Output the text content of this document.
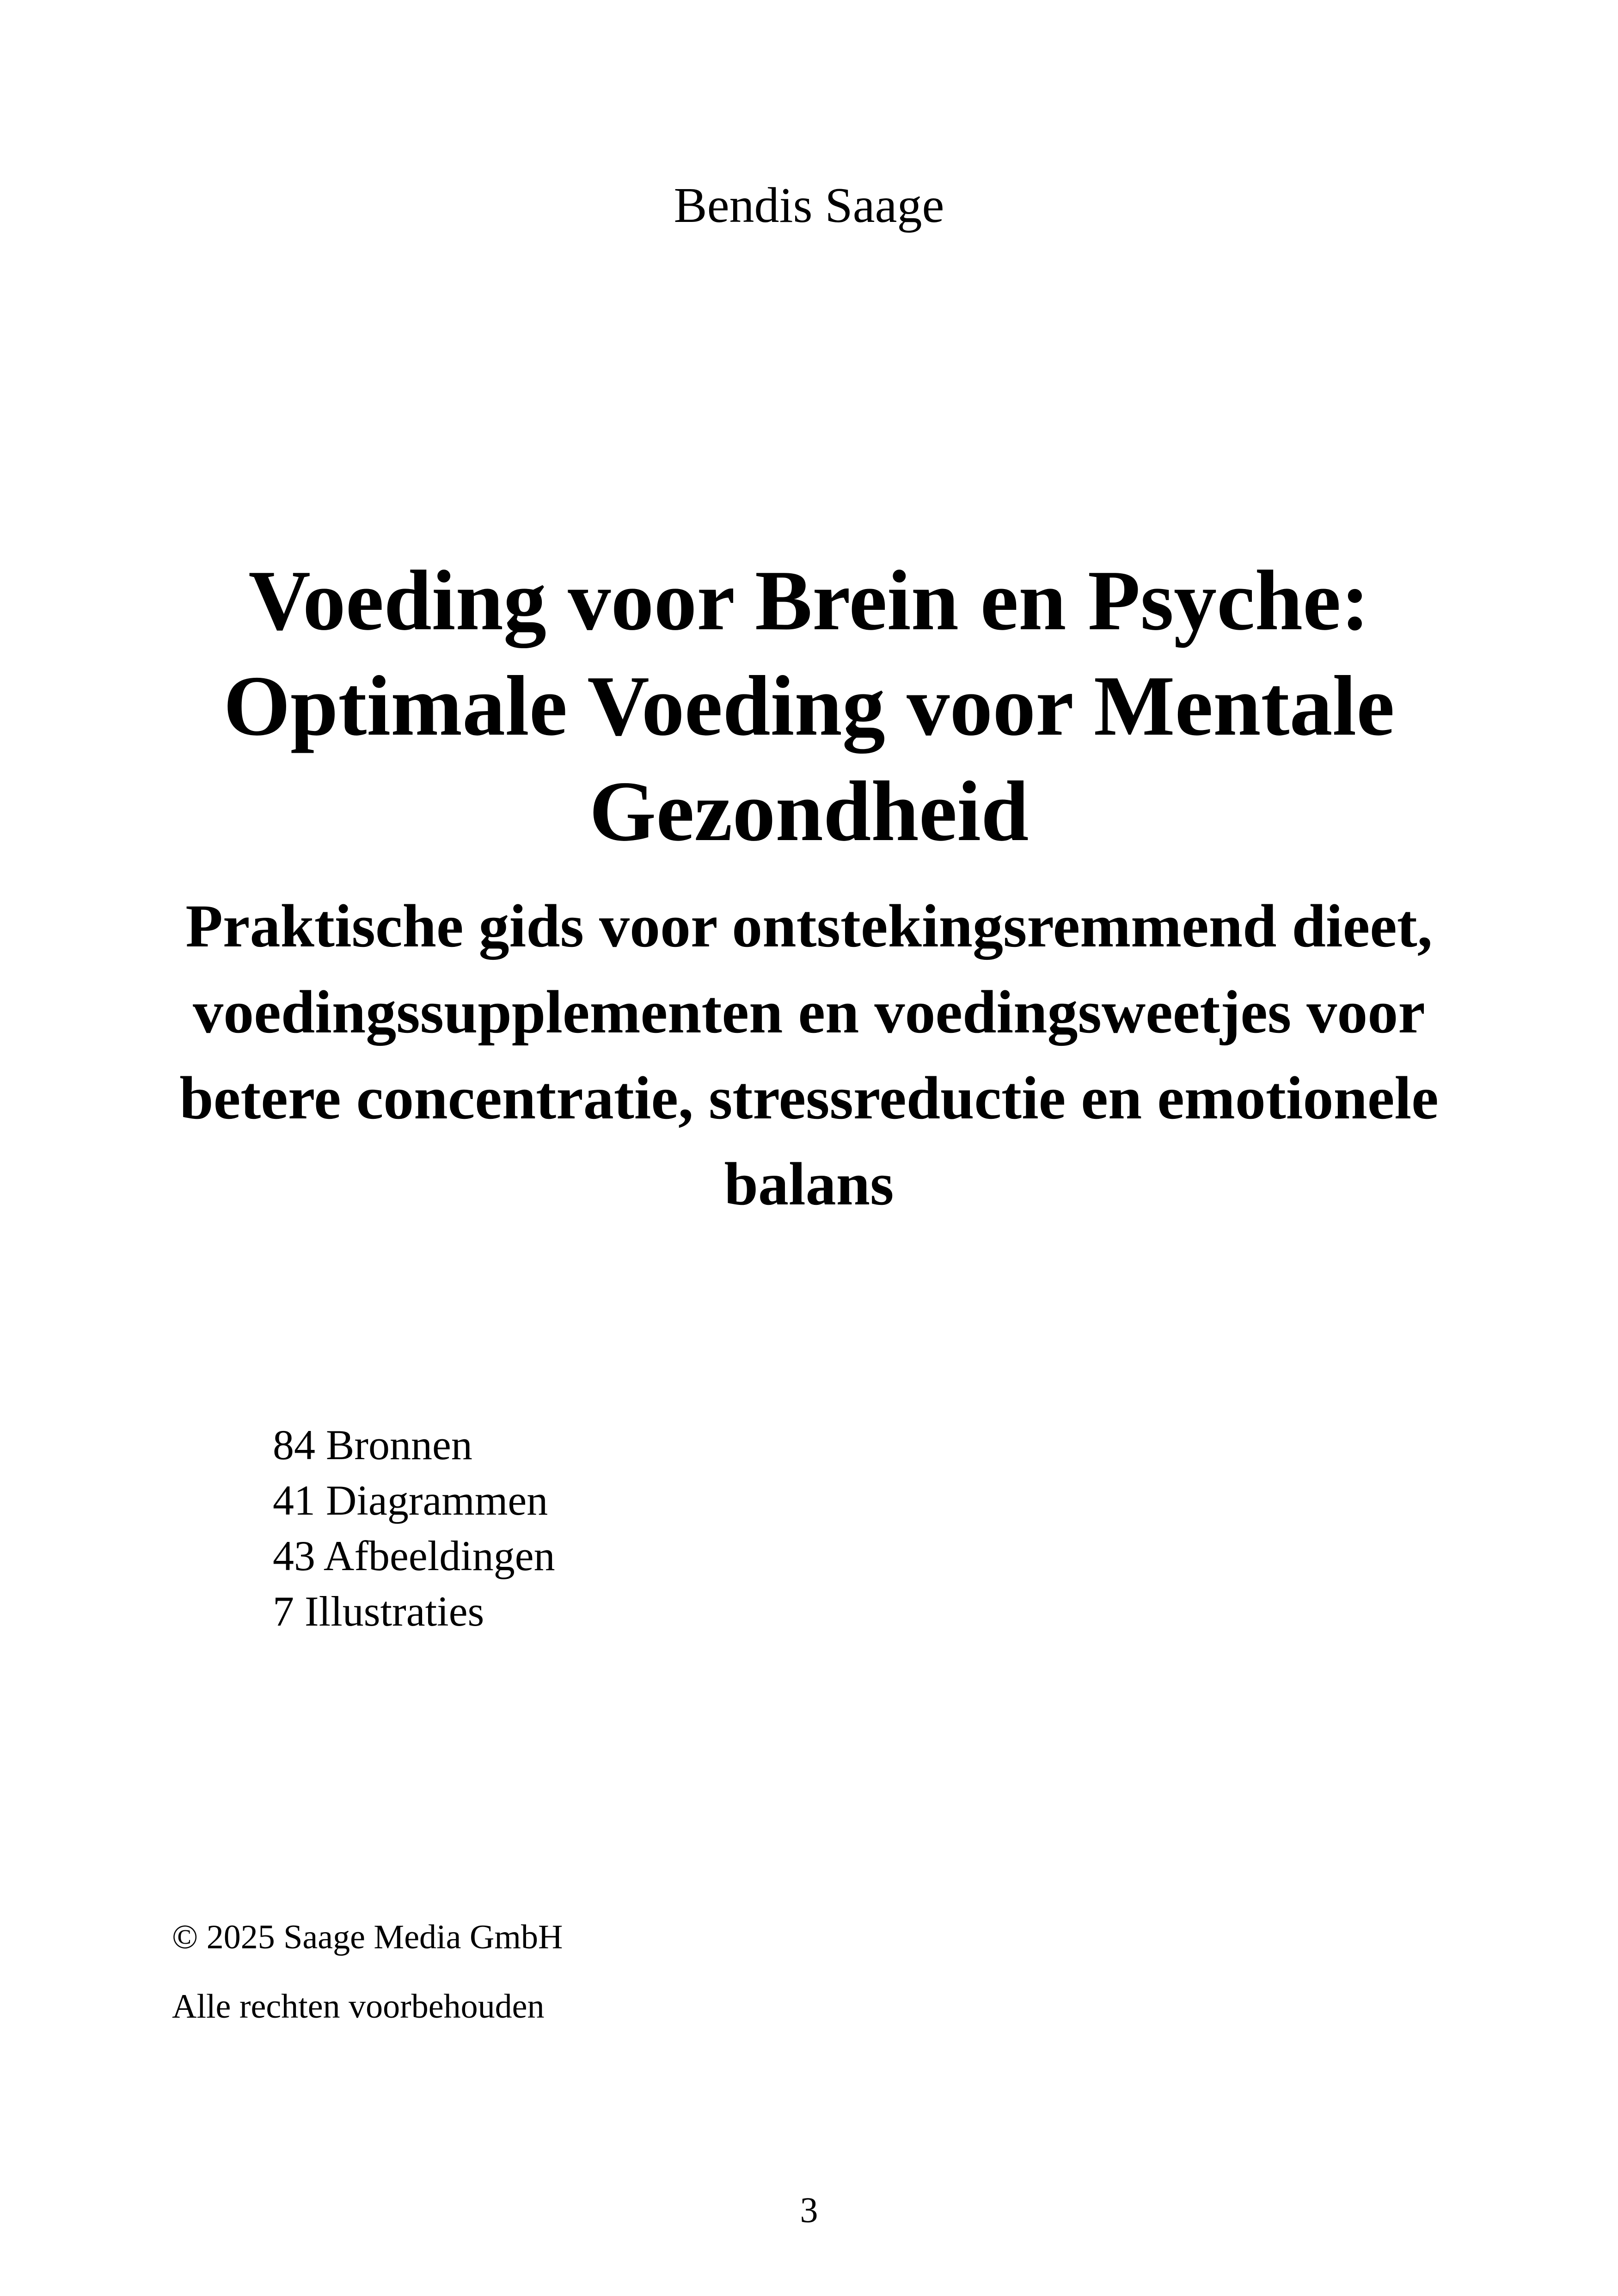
Bendis Saage
Voeding voor Brein en Psyche: Optimale Voeding voor Mentale Gezondheid
Praktische gids voor ontstekingsremmend dieet, voedingssupplementen en voedingsweetjes voor betere concentratie, stressreductie en emotionele balans
84 Bronnen
41 Diagrammen
43 Afbeeldingen
7 Illustraties
© 2025 Saage Media GmbH
Alle rechten voorbehouden
3
